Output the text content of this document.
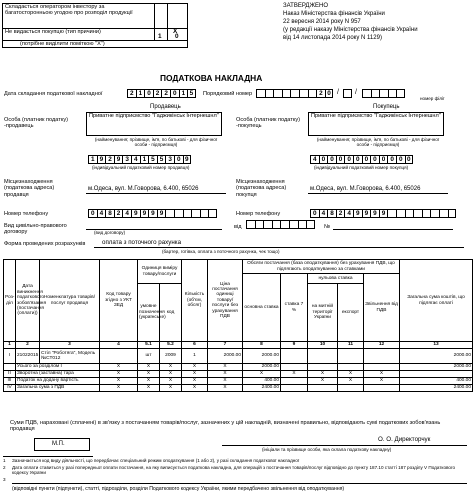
Складається оператором інвестору за багатосторонньою угодою про розподіл продукції
Не видається покупцю (тип причини)
(потрібне виділити поміткою "X")
X
1 0
ЗАТВЕРДЖЕНО
Наказ Міністерства фінансів України
22 вересня 2014 року N 957
(у редакції наказу Міністерства фінансів України
від 14 листопада 2014 року N 1129)
ПОДАТКОВА НАКЛАДНА
Дата складання податкової накладної	2 1 0 2 2 0 1 5	Порядковий номер	2 0 / /
номер філії
Продавець	Покупець
Особа (платник податку) -продавець
Приватне підприємство "Гаджикінськ Інтернешнл"
(найменування; прізвище, ім'я, по батькові - для фізичної особи - підприємця)
Особа (платник податку) -покупець
Приватне підприємство "Гаджикінськ Інтернешнл"
(найменування; прізвище, ім'я, по батькові - для фізичної особи - підприємця)
1 9 2 9 3 4 1 5 5 3 0 9
(індивідуальний податковий номер продавця)
4 0 0 0 0 0 0 0 0 0 0 0
(індивідуальний податковий номер покупця)
Місцезнаходження (податкова адреса) продавця
м.Одеса, вул. М.Говорова, 6.400, 65026
Місцезнаходження (податкова адреса) покупця
м.Одеса, вул. М.Говорова, 6.400, 65026
Номер телефону	0 4 8 2 4 9 9 9 9	Номер телефону	0 4 8 2 4 9 9 9 9
Вид цивільно-правового договору	(вид договору)
від	№
Форма проведених розрахунків	оплата з поточного рахунка
(бартер, готівка, оплата з поточного рахунка, чек тощо)
Роз-діл	Дата виникнення податкового зобов'язання (постачання (оплати))	Номенклатура товарів/послуг продавця	Код товару згідно з УКТ ЗЕД	Одиниця виміру товару/послуги		Кількість (об'єм, обсяг)	Ціна постачання одиниці товару/послуги без урахування ПДВ	Обсяги постачання (база оподаткування) без урахування ПДВ, що підлягають оподаткуванню за ставками					Загальна сума коштів, що підлягає оплаті
								основна ставка	ставка 7 %	нульова ставка		Звільнення від ПДВ	
				умовне позначення (українське)	код					на митній території України	експорт		
1	2	3	4	5.1	5.2	6	7	8	9	10	11	12	13
I	21022015	Стіл "Роботяга", Модель №СТ012		шт	2009	1	2000.00	2000.00					2000.00
	Усього за розділом I		X	X	X	X	X	2000.00					2000.00
II	Зворотна (заставна) тара		X	X	X	X	X	X	X	X	X	X	
III	Податок на додану вартість		X	X	X	X	X	400.00		X	X	X	400.00
IV	Загальна сума з ПДВ		X	X	X	X	X	2400.00					2400.00
Суми ПДВ, нараховані (сплачені) в зв'язку з постачанням товарів/послуг, зазначених у цій накладній, визначені правильно, відповідають сумі податкових зобов'язань продавця
М.П.
О. О. Директорчук
(ініціали та прізвище особи, яка склала податкову накладну)
1 Зазначається код виду діяльності, що передбачає спеціальний режим оподаткування (1 або 2), у разі складання податкової накладної
2 Дата оплати ставиться у разі попередньої оплати постачання, на яку виписується податкова накладна, для операцій з постачання товарів/послуг відповідно до пункту 187.10 статті 187 розділу V Податкового кодексу України
3
(відповідні пункти (підпункти), статті, підрозділи, розділи Податкового кодексу України, якими передбачено звільнення від оподаткування)
